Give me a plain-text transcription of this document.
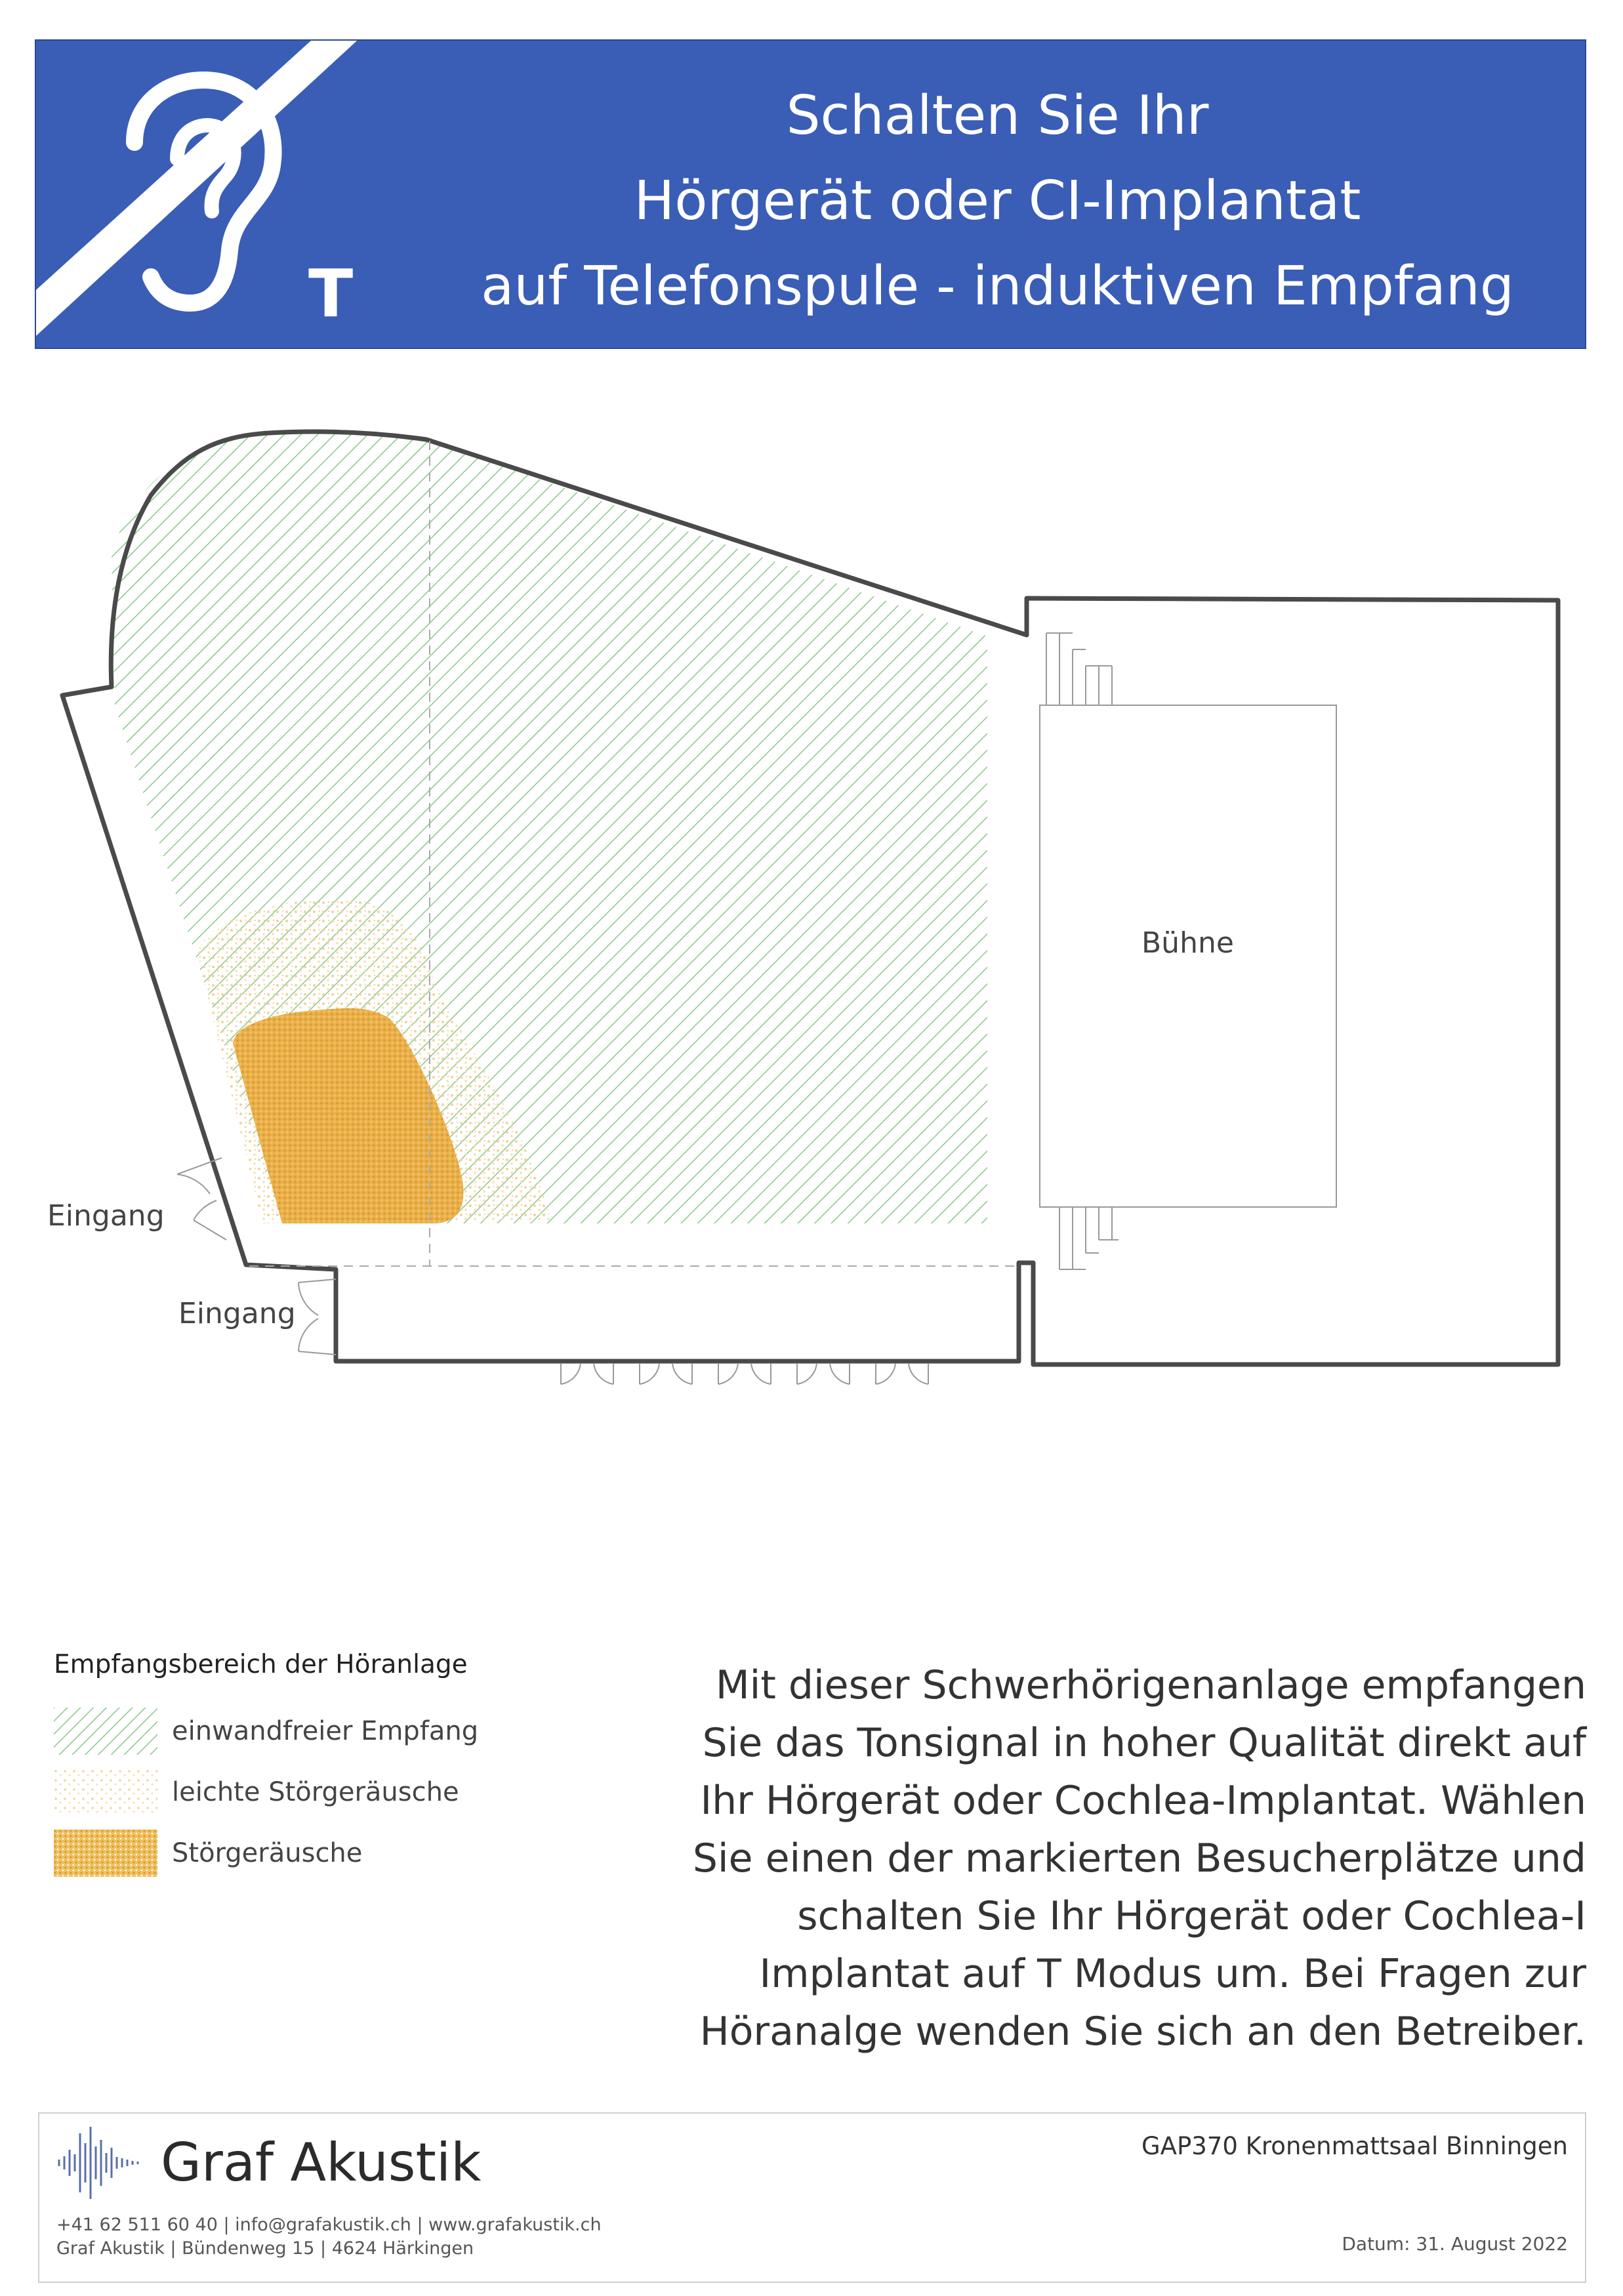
T
Schalten Sie Ihr
Hörgerät oder CI-Implantat
auf Telefonspule - induktiven Empfang
Bühne
Eingang
Eingang
Empfangsbereich der Höranlage
einwandfreier Empfang
leichte Störgeräusche
Störgeräusche
Mit dieser Schwerhörigenanlage empfangen
Sie das Tonsignal in hoher Qualität direkt auf
Ihr Hörgerät oder Cochlea-Implantat. Wählen
Sie einen der markierten Besucherplätze und
schalten Sie Ihr Hörgerät oder Cochlea-I
Implantat auf T Modus um. Bei Fragen zur
Höranalge wenden Sie sich an den Betreiber.
Graf Akustik
+41 62 511 60 40 | info@grafakustik.ch | www.grafakustik.ch
Graf Akustik | Bündenweg 15 | 4624 Härkingen
GAP370 Kronenmattsaal Binningen
Datum: 31. August 2022
